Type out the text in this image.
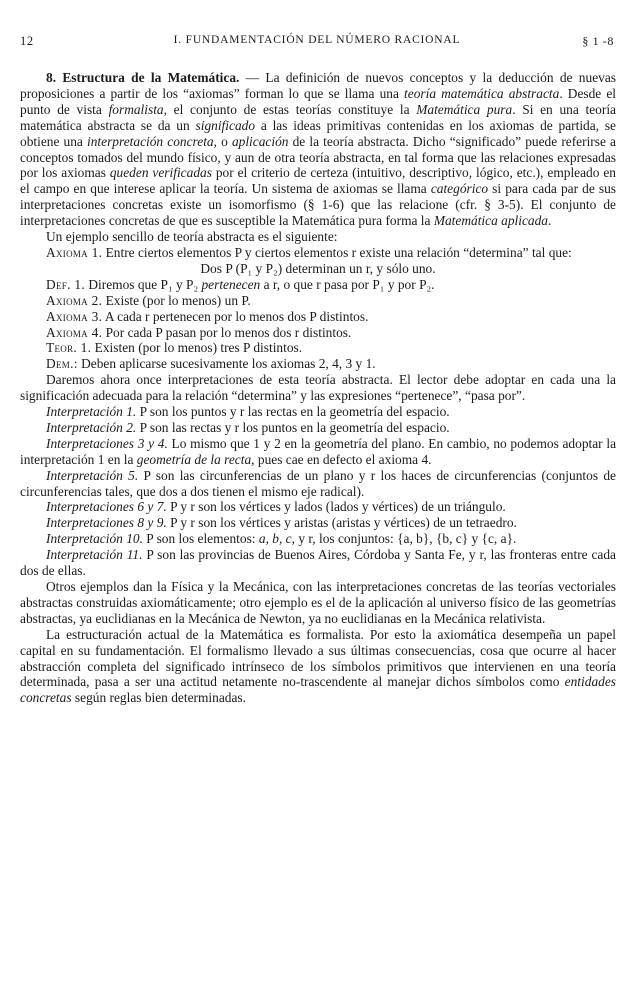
12	I. FUNDAMENTACIÓN DEL NÚMERO RACIONAL	§ 1 -8

8. Estructura de la Matemática. — La definición de nuevos conceptos y la deducción de nuevas proposiciones a partir de los “axiomas” forman lo que se llama una teoría matemática abstracta. Desde el punto de vista formalista, el conjunto de estas teorías constituye la Matemática pura. Si en una teoría matemática abstracta se da un significado a las ideas primitivas contenidas en los axiomas de partida, se obtiene una interpretación concreta, o aplicación de la teoría abstracta. Dicho “significado” puede referirse a conceptos tomados del mundo físico, y aun de otra teoría abstracta, en tal forma que las relaciones expresadas por los axiomas queden verificadas por el criterio de certeza (intuitivo, descriptivo, lógico, etc.), empleado en el campo en que interese aplicar la teoría. Un sistema de axiomas se llama categórico si para cada par de sus interpretaciones concretas existe un isomorfismo (§ 1-6) que las relacione (cfr. § 3-5). El conjunto de interpretaciones concretas de que es susceptible la Matemática pura forma la Matemática aplicada.

Un ejemplo sencillo de teoría abstracta es el siguiente:

Axioma 1. Entre ciertos elementos P y ciertos elementos r existe una relación “determina” tal que:

Dos P (P₁ y P₂) determinan un r, y sólo uno.

Def. 1. Diremos que P₁ y P₂ pertenecen a r, o que r pasa por P₁ y por P₂.

Axioma 2. Existe (por lo menos) un P.

Axioma 3. A cada r pertenecen por lo menos dos P distintos.

Axioma 4. Por cada P pasan por lo menos dos r distintos.

Teor. 1. Existen (por lo menos) tres P distintos.

Dem.: Deben aplicarse sucesivamente los axiomas 2, 4, 3 y 1.

Daremos ahora once interpretaciones de esta teoría abstracta. El lector debe adoptar en cada una la significación adecuada para la relación “determina” y las expresiones “pertenece”, “pasa por”.

Interpretación 1. P son los puntos y r las rectas en la geometría del espacio.

Interpretación 2. P son las rectas y r los puntos en la geometría del espacio.

Interpretaciones 3 y 4. Lo mismo que 1 y 2 en la geometría del plano. En cambio, no podemos adoptar la interpretación 1 en la geometría de la recta, pues cae en defecto el axioma 4.

Interpretación 5. P son las circunferencias de un plano y r los haces de circunferencias (conjuntos de circunferencias tales, que dos a dos tienen el mismo eje radical).

Interpretaciones 6 y 7. P y r son los vértices y lados (lados y vértices) de un triángulo.

Interpretaciones 8 y 9. P y r son los vértices y aristas (aristas y vértices) de un tetraedro.

Interpretación 10. P son los elementos: a, b, c, y r, los conjuntos: {a, b}, {b, c} y {c, a}.

Interpretación 11. P son las provincias de Buenos Aires, Córdoba y Santa Fe, y r, las fronteras entre cada dos de ellas.

Otros ejemplos dan la Física y la Mecánica, con las interpretaciones concretas de las teorías vectoriales abstractas construidas axiomáticamente; otro ejemplo es el de la aplicación al universo físico de las geometrías abstractas, ya euclidianas en la Mecánica de Newton, ya no euclidianas en la Mecánica relativista.

La estructuración actual de la Matemática es formalista. Por esto la axiomática desempeña un papel capital en su fundamentación. El formalismo llevado a sus últimas consecuencias, cosa que ocurre al hacer abstracción completa del significado intrínseco de los símbolos primitivos que intervienen en una teoría determinada, pasa a ser una actitud netamente no-trascendente al manejar dichos símbolos como entidades concretas según reglas bien determinadas.
